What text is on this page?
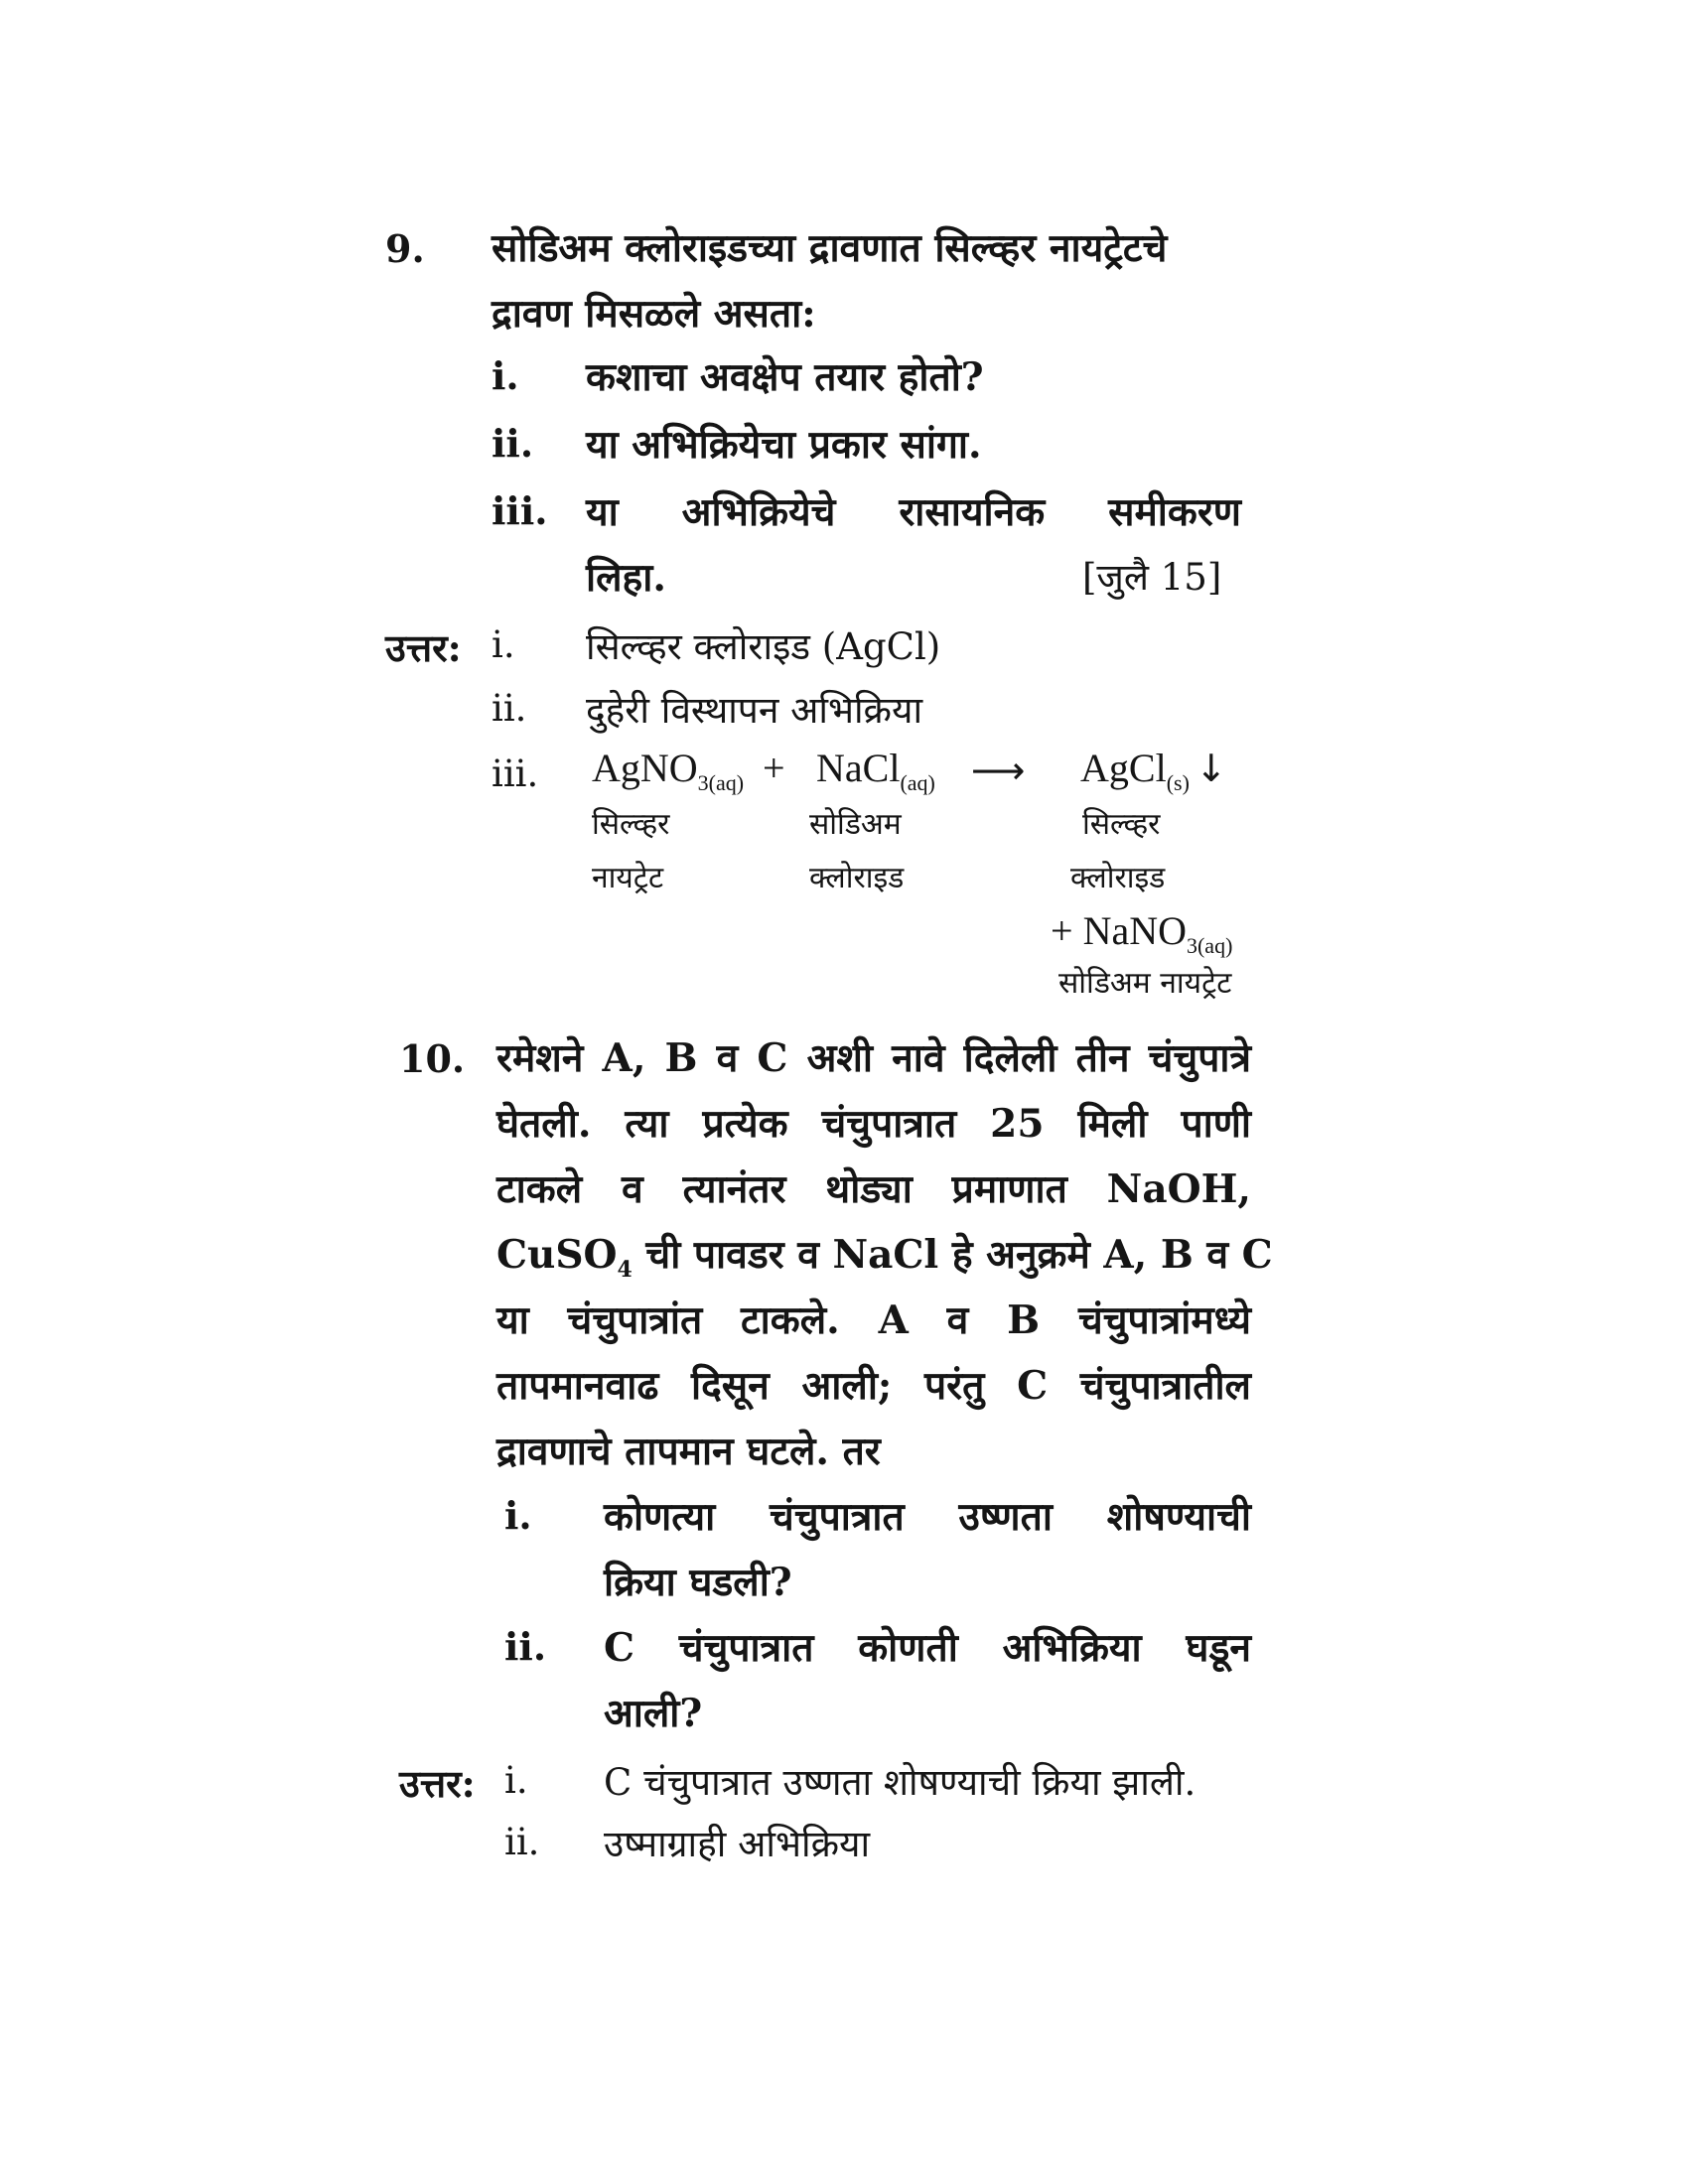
9. सोडिअम क्लोराइडच्या द्रावणात सिल्व्हर नायट्रेटचे
द्रावण मिसळले असता:
i. कशाचा अवक्षेप तयार होतो?
ii. या अभिक्रियेचा प्रकार सांगा.
iii. या अभिक्रियेचे रासायनिक समीकरण
लिहा.	[जुलै 15]
उत्तर: i. सिल्व्हर क्लोराइड (AgCl)
ii. दुहेरी विस्थापन अभिक्रिया
iii. AgNO$_{3(aq)}$ + NaCl$_{(aq)}$ ⟶ AgCl$_{(s)}$ ↓
सिल्व्हर
नायट्रेट
सोडिअम
क्लोराइड
सिल्व्हर
क्लोराइड
+ NaNO$_{3(aq)}$
सोडिअम नायट्रेट
10. रमेशने A, B व C अशी नावे दिलेली तीन चंचुपात्रे
घेतली. त्या प्रत्येक चंचुपात्रात 25 मिली पाणी
टाकले व त्यानंतर थोड्या प्रमाणात NaOH,
CuSO$_4$ ची पावडर व NaCl हे अनुक्रमे A, B व C
या चंचुपात्रांत टाकले. A व B चंचुपात्रांमध्ये
तापमानवाढ दिसून आली; परंतु C चंचुपात्रातील
द्रावणाचे तापमान घटले. तर
i. कोणत्या चंचुपात्रात उष्णता शोषण्याची
क्रिया घडली?
ii. C चंचुपात्रात कोणती अभिक्रिया घडून
आली?
उत्तर: i. C चंचुपात्रात उष्णता शोषण्याची क्रिया झाली.
ii. उष्माग्राही अभिक्रिया
